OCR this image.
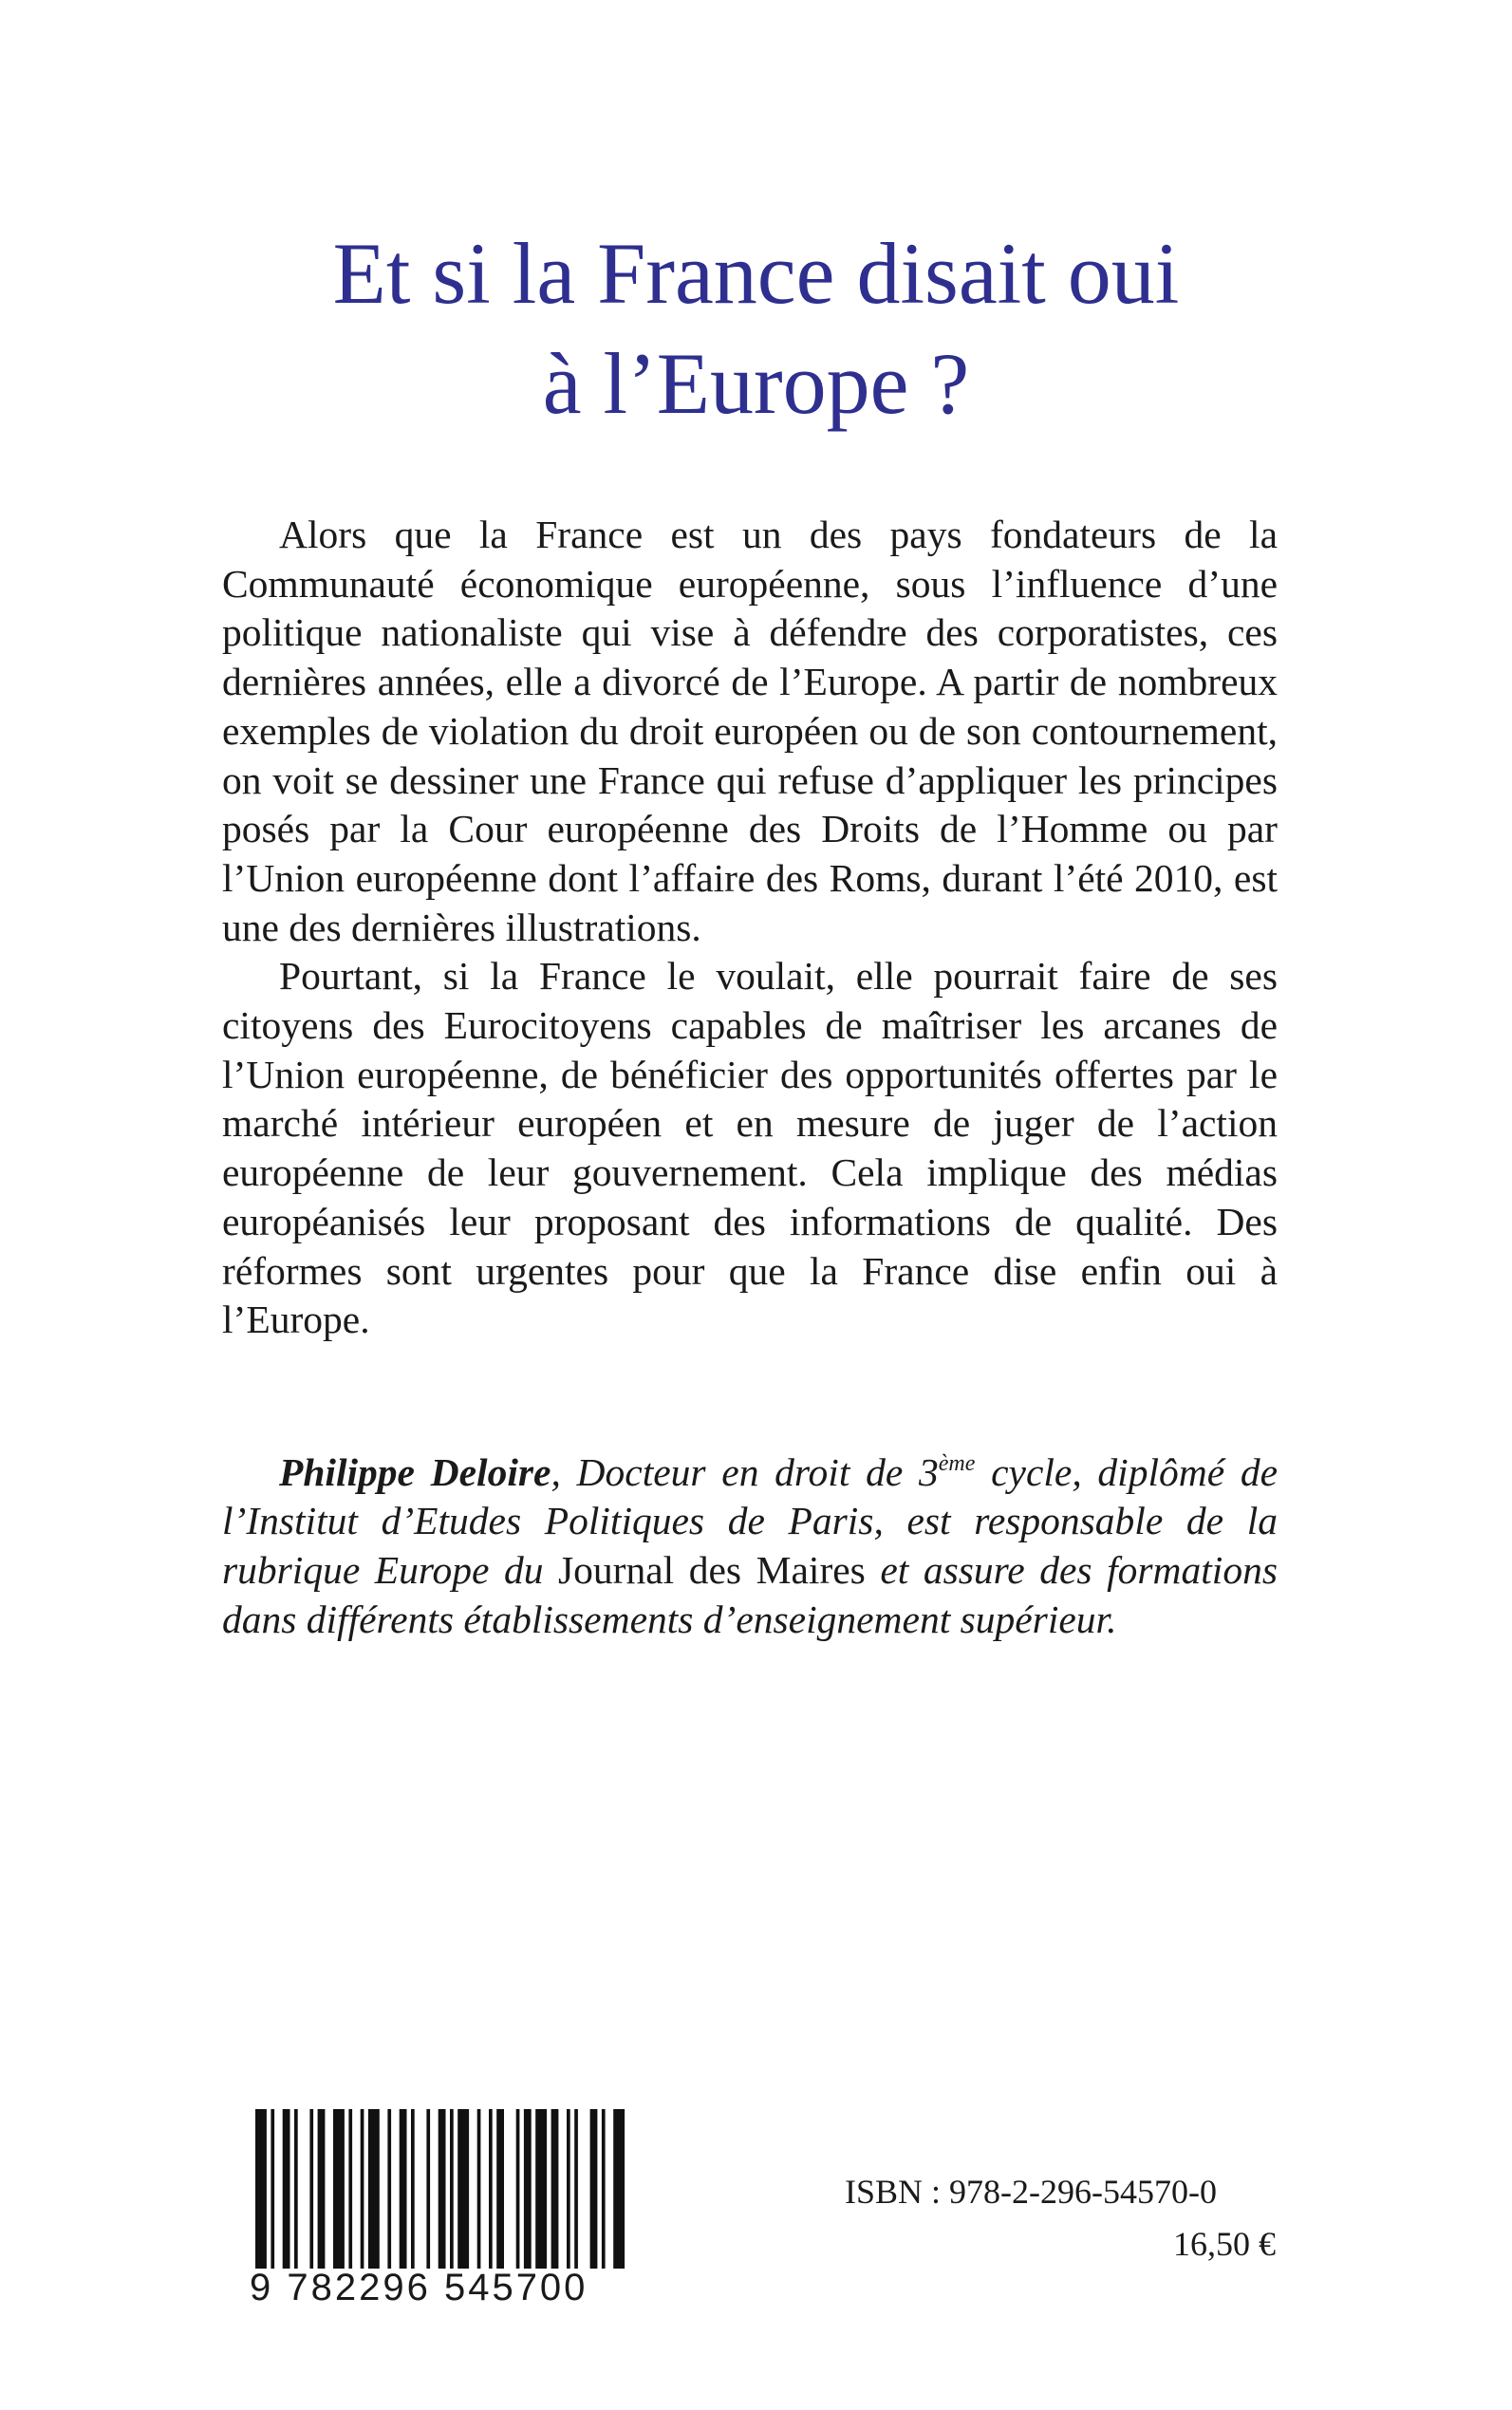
Et si la France disait oui
à l’Europe ?

Alors que la France est un des pays fondateurs de la Communauté économique européenne, sous l’influence d’une politique nationaliste qui vise à défendre des corporatistes, ces dernières années, elle a divorcé de l’Europe. A partir de nombreux exemples de violation du droit européen ou de son contournement, on voit se dessiner une France qui refuse d’appliquer les principes posés par la Cour européenne des Droits de l’Homme ou par l’Union européenne dont l’affaire des Roms, durant l’été 2010, est une des dernières illustrations.

Pourtant, si la France le voulait, elle pourrait faire de ses citoyens des Eurocitoyens capables de maîtriser les arcanes de l’Union européenne, de bénéficier des opportunités offertes par le marché intérieur européen et en mesure de juger de l’action européenne de leur gouvernement. Cela implique des médias européanisés leur proposant des informations de qualité. Des réformes sont urgentes pour que la France dise enfin oui à l’Europe.

Philippe Deloire, Docteur en droit de 3ème cycle, diplômé de l’Institut d’Etudes Politiques de Paris, est responsable de la rubrique Europe du Journal des Maires et assure des formations dans différents établissements d’enseignement supérieur.

9 782296 545700
ISBN : 978-2-296-54570-0
16,50 €
